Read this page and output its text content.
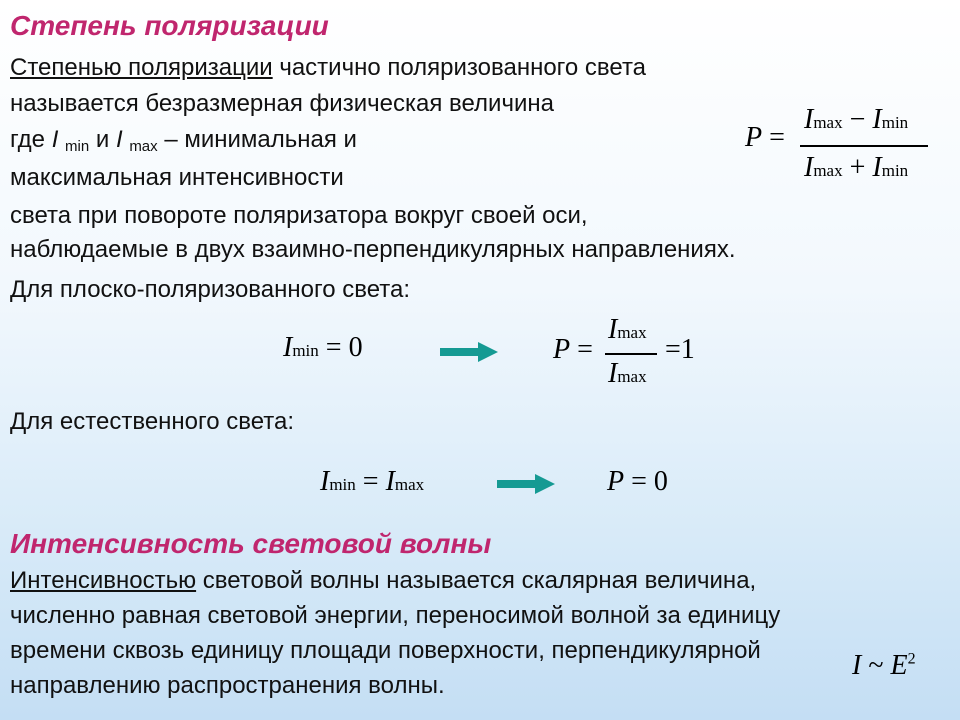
Степень поляризации
Степенью поляризации частично поляризованного света
называется безразмерная физическая величина
где I $_{min}$ и I $_{max}$ – минимальная и
максимальная интенсивности
света при повороте поляризатора вокруг своей оси,
наблюдаемые в двух взаимно-перпендикулярных направлениях.
Для плоско-поляризованного света:
P =
Imax − Imin
Imax + Imin
Imin = 0	P =
Imax
Imax
=1
Для естественного света:
Imin = Imax	P = 0
Интенсивность световой волны
Интенсивностью световой волны называется скалярная величина,
численно равная световой энергии, переносимой волной за единицу
времени сквозь единицу площади поверхности, перпендикулярной
направлению распространения волны.
I ~ $E^2$
